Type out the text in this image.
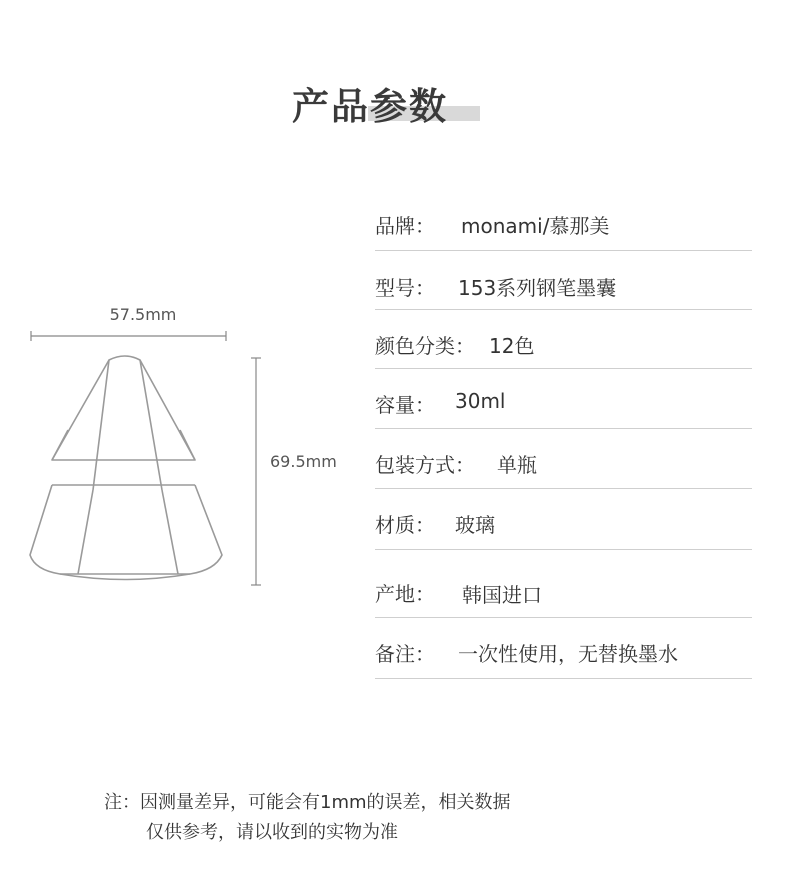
产品参数
57.5mm
69.5mm
品牌： monami/慕那美
型号： 153系列钢笔墨囊
颜色分类： 12色
容量： 30ml
包装方式： 单瓶
材质： 玻璃
产地： 韩国进口
备注： 一次性使用，无替换墨水
注：因测量差异，可能会有1mm的误差，相关数据
仅供参考，请以收到的实物为准
